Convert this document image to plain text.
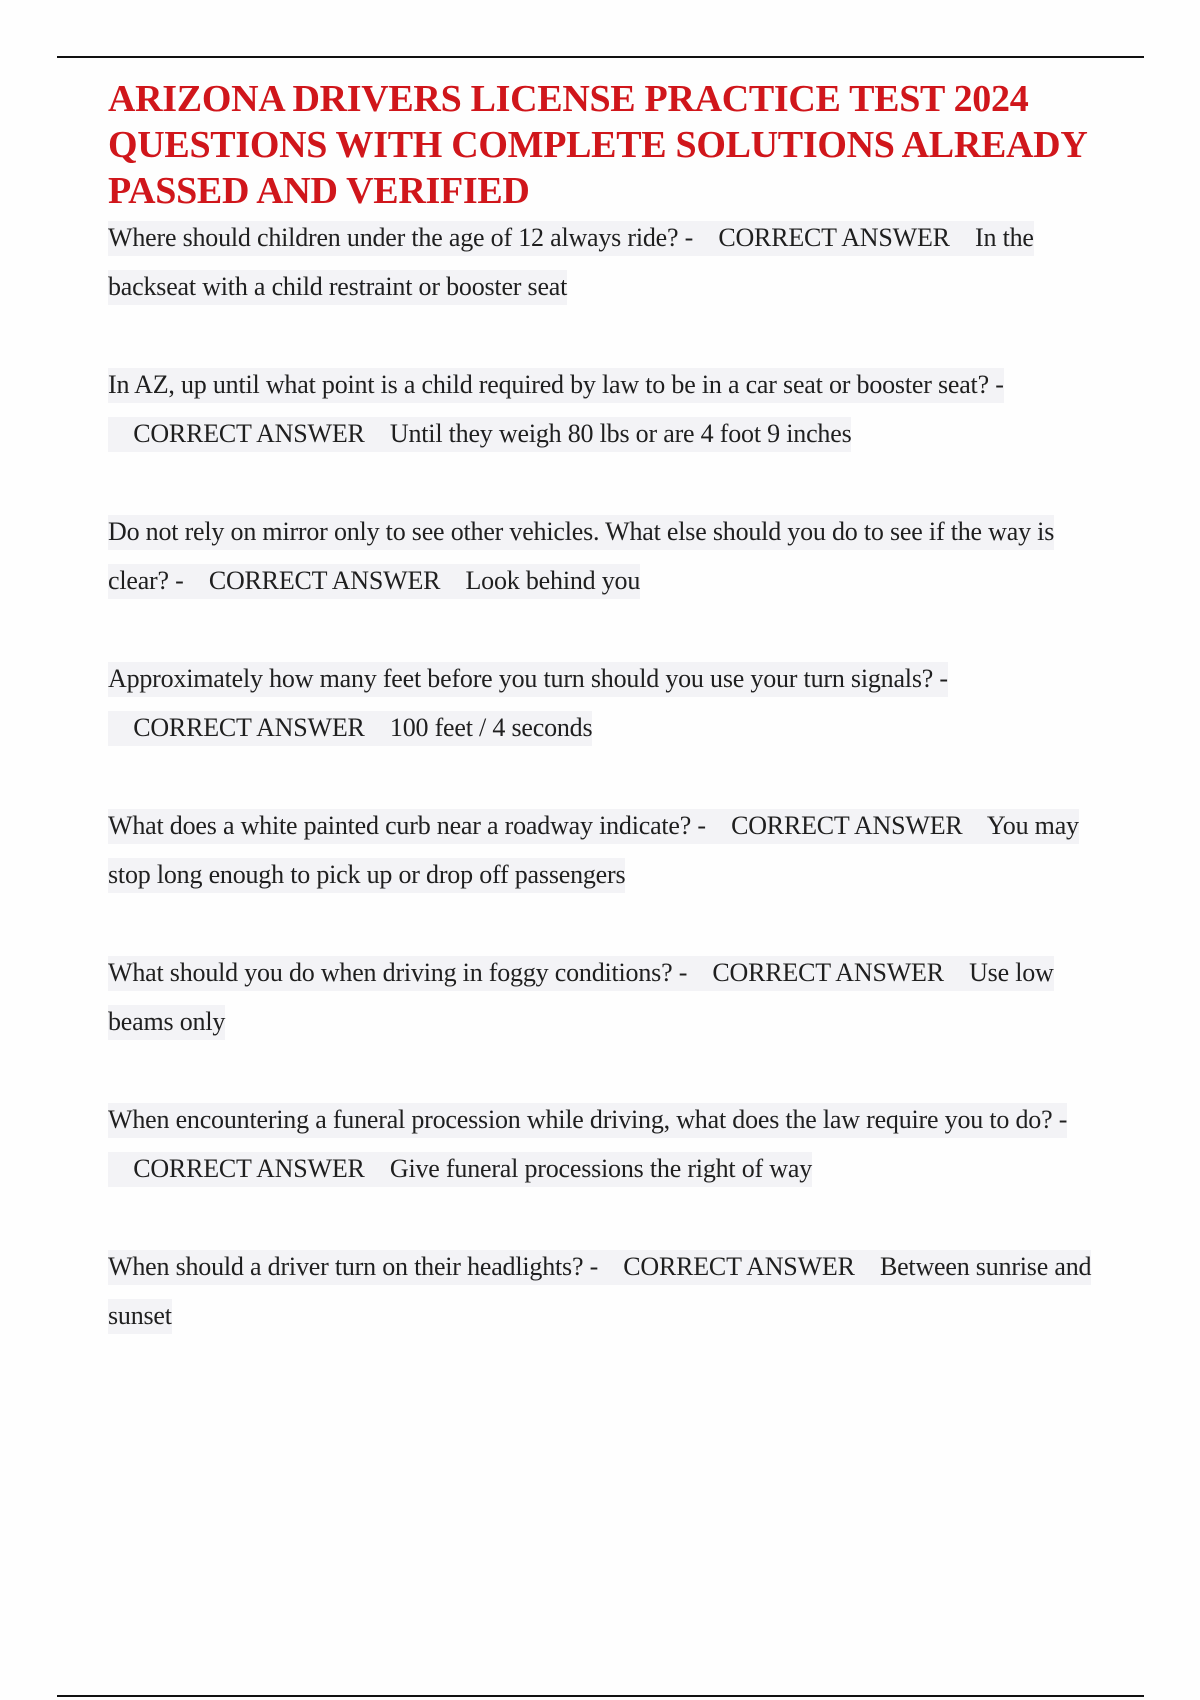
ARIZONA DRIVERS LICENSE PRACTICE TEST 2024 QUESTIONS WITH COMPLETE SOLUTIONS ALREADY PASSED AND VERIFIED
Where should children under the age of 12 always ride? - CORRECT ANSWER In the backseat with a child restraint or booster seat
In AZ, up until what point is a child required by law to be in a car seat or booster seat? -    CORRECT ANSWER Until they weigh 80 lbs or are 4 foot 9 inches
Do not rely on mirror only to see other vehicles. What else should you do to see if the way is clear? - CORRECT ANSWER Look behind you
Approximately how many feet before you turn should you use your turn signals? -    CORRECT ANSWER 100 feet / 4 seconds
What does a white painted curb near a roadway indicate? - CORRECT ANSWER You may stop long enough to pick up or drop off passengers
What should you do when driving in foggy conditions? - CORRECT ANSWER Use low beams only
When encountering a funeral procession while driving, what does the law require you to do? -    CORRECT ANSWER Give funeral processions the right of way
When should a driver turn on their headlights? - CORRECT ANSWER Between sunrise and sunset
